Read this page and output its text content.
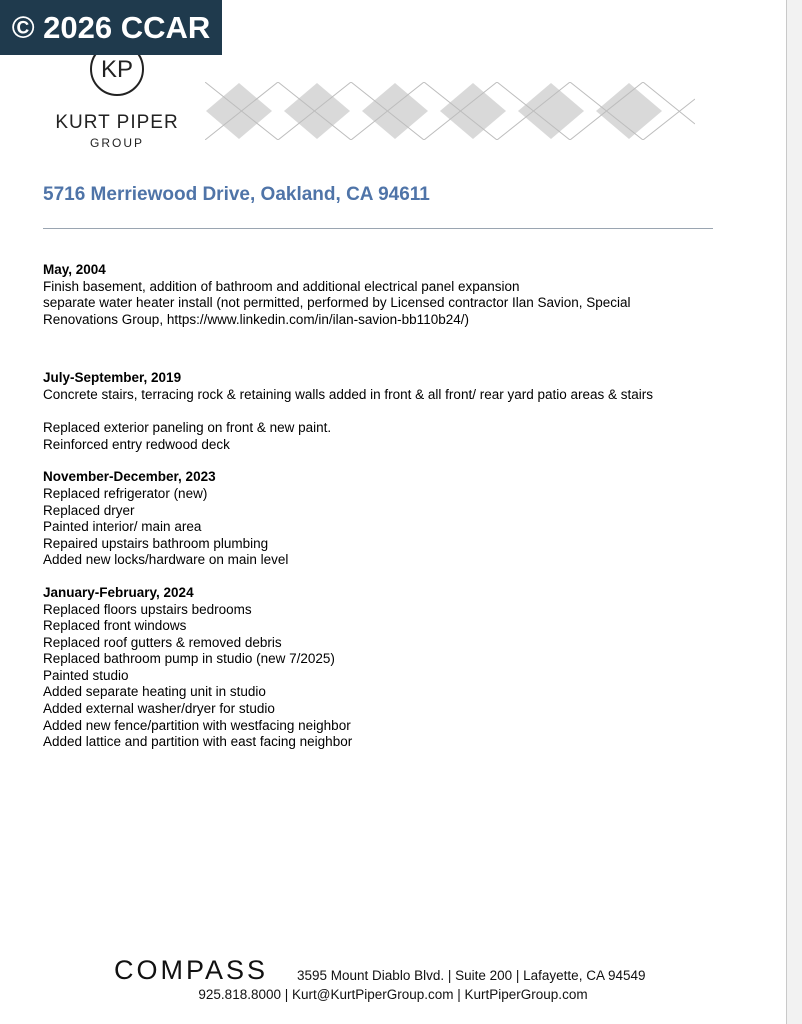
KP
KURT PIPER
GROUP
© 2026 CCAR
5716 Merriewood Drive, Oakland, CA 94611
May, 2004

Finish basement, addition of bathroom and additional electrical panel expansion

separate water heater install (not permitted, performed by Licensed contractor Ilan Savion, Special

Renovations Group, https://www.linkedin.com/in/ilan-savion-bb110b24/)

July-September, 2019

Concrete stairs, terracing rock & retaining walls added in front & all front/ rear yard patio areas & stairs

Replaced exterior paneling on front & new paint.

Reinforced entry redwood deck

November-December, 2023

Replaced refrigerator (new)

Replaced dryer

Painted interior/ main area

Repaired upstairs bathroom plumbing

Added new locks/hardware on main level

January-February, 2024

Replaced floors upstairs bedrooms

Replaced front windows

Replaced roof gutters & removed debris

Replaced bathroom pump in studio (new 7/2025)

Painted studio

Added separate heating unit in studio

Added external washer/dryer for studio

Added new fence/partition with westfacing neighbor

Added lattice and partition with east facing neighbor

COMPASS 3595 Mount Diablo Blvd. | Suite 200 | Lafayette, CA 94549
925.818.8000 | Kurt@KurtPiperGroup.com | KurtPiperGroup.com
